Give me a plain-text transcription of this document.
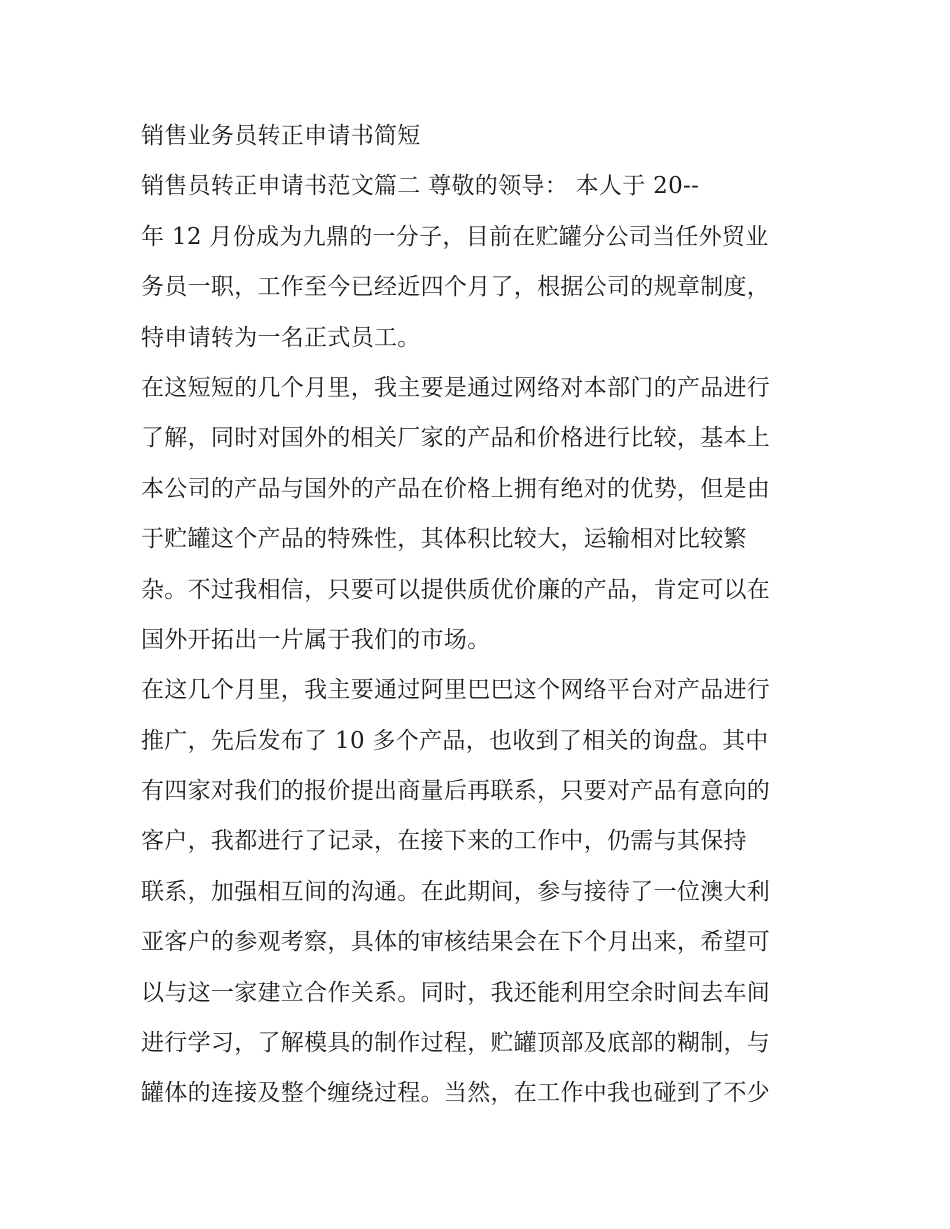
销售业务员转正申请书简短
销售员转正申请书范文篇二 尊敬的领导： 本人于 20--
年 12 月份成为九鼎的一分子，目前在贮罐分公司当任外贸业
务员一职，工作至今已经近四个月了，根据公司的规章制度，
特申请转为一名正式员工。
在这短短的几个月里，我主要是通过网络对本部门的产品进行
了解，同时对国外的相关厂家的产品和价格进行比较，基本上
本公司的产品与国外的产品在价格上拥有绝对的优势，但是由
于贮罐这个产品的特殊性，其体积比较大，运输相对比较繁
杂。不过我相信，只要可以提供质优价廉的产品，肯定可以在
国外开拓出一片属于我们的市场。
在这几个月里，我主要通过阿里巴巴这个网络平台对产品进行
推广，先后发布了 10 多个产品，也收到了相关的询盘。其中
有四家对我们的报价提出商量后再联系，只要对产品有意向的
客户，我都进行了记录，在接下来的工作中，仍需与其保持
联系，加强相互间的沟通。在此期间，参与接待了一位澳大利
亚客户的参观考察，具体的审核结果会在下个月出来，希望可
以与这一家建立合作关系。同时，我还能利用空余时间去车间
进行学习，了解模具的制作过程，贮罐顶部及底部的糊制，与
罐体的连接及整个缠绕过程。当然，在工作中我也碰到了不少
